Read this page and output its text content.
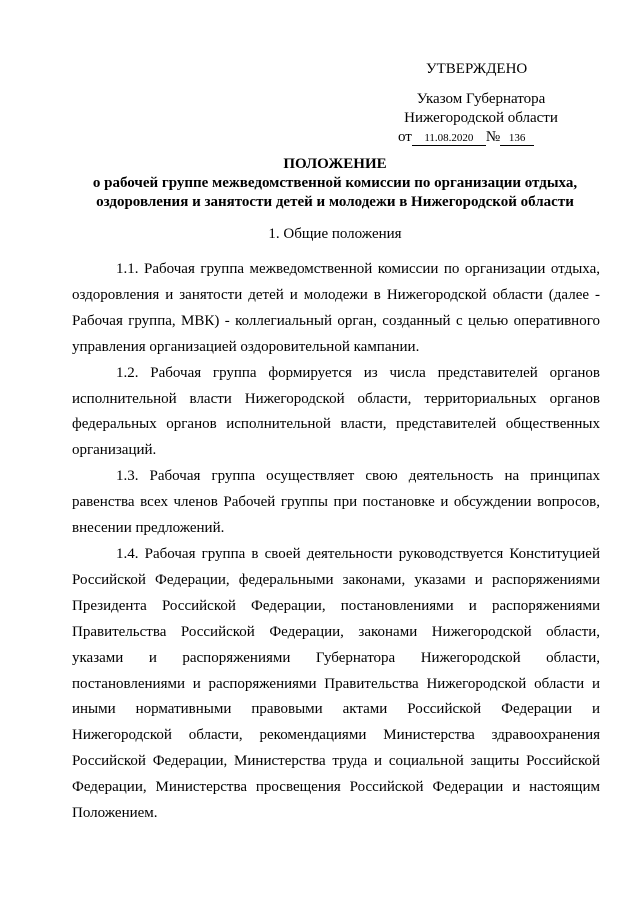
УТВЕРЖДЕНО
Указом Губернатора
Нижегородской области
от 11.08.2020 № 136
ПОЛОЖЕНИЕ
о рабочей группе межведомственной комиссии по организации отдыха,
оздоровления и занятости детей и молодежи в Нижегородской области
1. Общие положения

1.1. Рабочая группа межведомственной комиссии по организации отдыха, оздоровления и занятости детей и молодежи в Нижегородской области (далее - Рабочая группа, МВК) - коллегиальный орган, созданный с целью оперативного управления организацией оздоровительной кампании.

1.2. Рабочая группа формируется из числа представителей органов исполнительной власти Нижегородской области, территориальных органов федеральных органов исполнительной власти, представителей общественных организаций.

1.3. Рабочая группа осуществляет свою деятельность на принципах равенства всех членов Рабочей группы при постановке и обсуждении вопросов, внесении предложений.

1.4. Рабочая группа в своей деятельности руководствуется Конституцией Российской Федерации, федеральными законами, указами и распоряжениями Президента Российской Федерации, постановлениями и распоряжениями Правительства Российской Федерации, законами Нижегородской области, указами и распоряжениями Губернатора Нижегородской области, постановлениями и распоряжениями Правительства Нижегородской области и иными нормативными правовыми актами Российской Федерации и Нижегородской области, рекомендациями Министерства здравоохранения Российской Федерации, Министерства труда и социальной защиты Российской Федерации, Министерства просвещения Российской Федерации и настоящим Положением.
